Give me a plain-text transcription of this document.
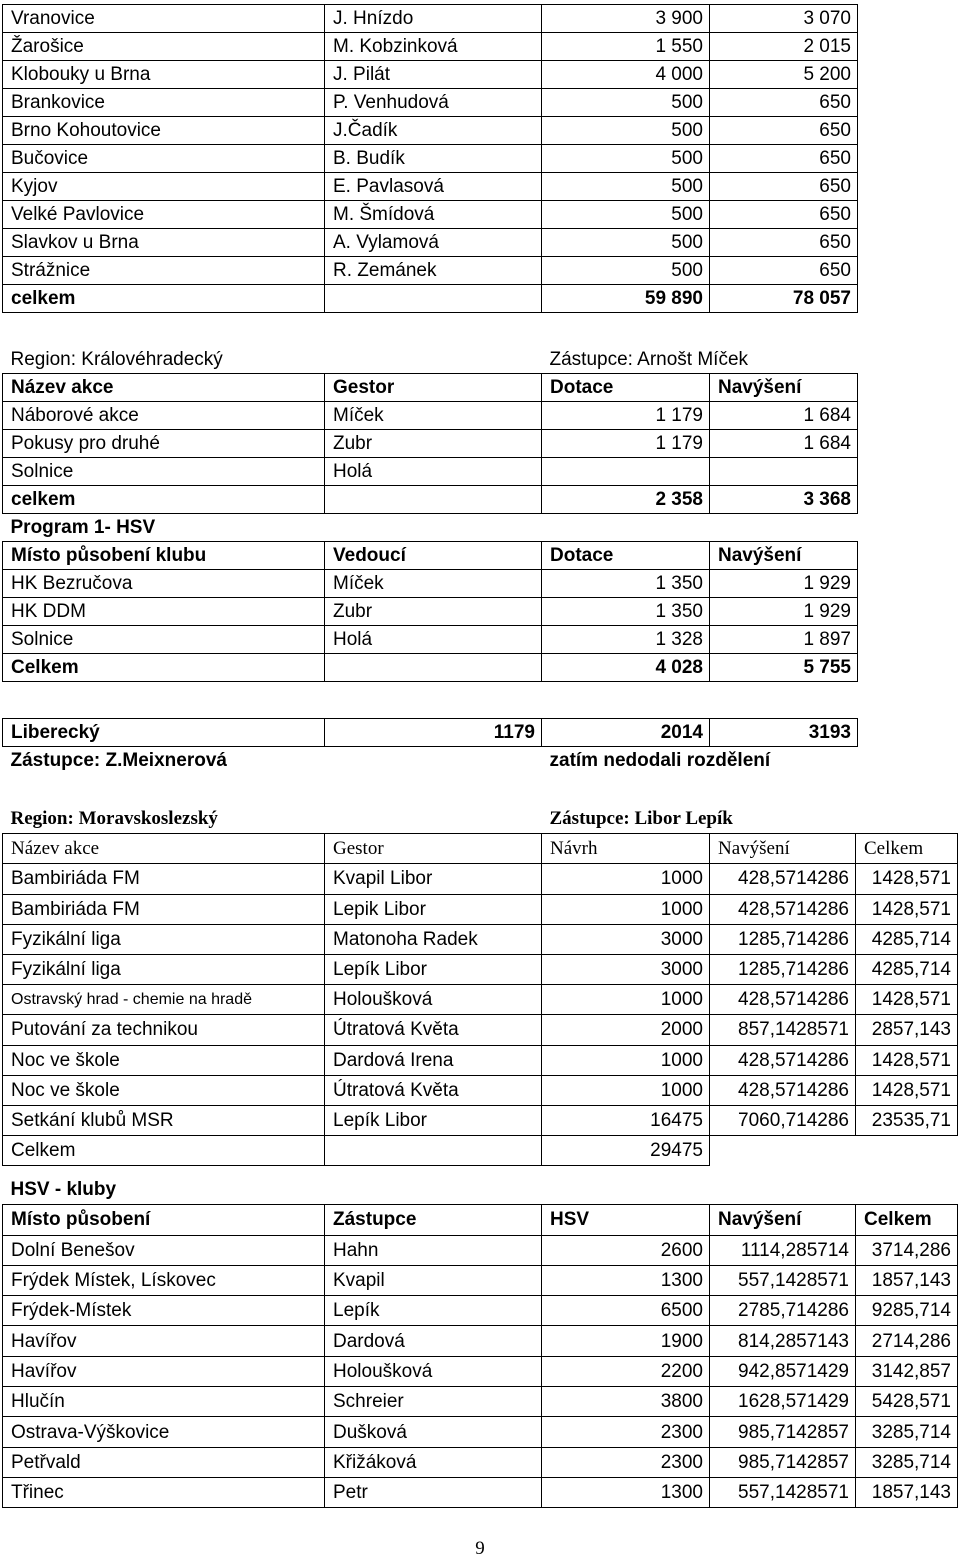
Vranovice	J. Hnízdo	3 900	3 070
Žarošice	M. Kobzinková	1 550	2 015
Klobouky u Brna	J. Pilát	4 000	5 200
Brankovice	P. Venhudová	500	650
Brno Kohoutovice	J.Čadík	500	650
Bučovice	B. Budík	500	650
Kyjov	E. Pavlasová	500	650
Velké Pavlovice	M. Šmídová	500	650
Slavkov u Brna	A. Vylamová	500	650
Strážnice	R. Zemánek	500	650
celkem		59 890	78 057
Region: Královéhradecký		Zástupce: Arnošt Míček	
Název akce	Gestor	Dotace	Navýšení
Náborové akce	Míček	1 179	1 684
Pokusy pro druhé	Zubr	1 179	1 684
Solnice	Holá		
celkem		2 358	3 368
Program 1- HSV			
Místo působení klubu	Vedoucí	Dotace	Navýšení
HK Bezručova	Míček	1 350	1 929
HK DDM	Zubr	1 350	1 929
Solnice	Holá	1 328	1 897
Celkem		4 028	5 755
Liberecký	1179	2014	3193
Zástupce: Z.Meixnerová		zatím nedodali rozdělení	
Region: Moravskoslezský		Zástupce: Libor Lepík		
Název akce	Gestor	Návrh	Navýšení	Celkem
Bambiriáda FM	Kvapil Libor	1000	428,5714286	1428,571
Bambiriáda FM	Lepik Libor	1000	428,5714286	1428,571
Fyzikální liga	Matonoha Radek	3000	1285,714286	4285,714
Fyzikální liga	Lepík Libor	3000	1285,714286	4285,714
Ostravský hrad - chemie na hradě	Holoušková	1000	428,5714286	1428,571
Putování za technikou	Útratová Květa	2000	857,1428571	2857,143
Noc ve škole	Dardová Irena	1000	428,5714286	1428,571
Noc ve škole	Útratová Květa	1000	428,5714286	1428,571
Setkání klubů MSR	Lepík Libor	16475	7060,714286	23535,71
Celkem		29475		
HSV - kluby				
Místo působení	Zástupce	HSV	Navýšení	Celkem
Dolní Benešov	Hahn	2600	1114,285714	3714,286
Frýdek Místek, Lískovec	Kvapil	1300	557,1428571	1857,143
Frýdek-Místek	Lepík	6500	2785,714286	9285,714
Havířov	Dardová	1900	814,2857143	2714,286
Havířov	Holoušková	2200	942,8571429	3142,857
Hlučín	Schreier	3800	1628,571429	5428,571
Ostrava-Výškovice	Dušková	2300	985,7142857	3285,714
Petřvald	Křižáková	2300	985,7142857	3285,714
Třinec	Petr	1300	557,1428571	1857,143
9
